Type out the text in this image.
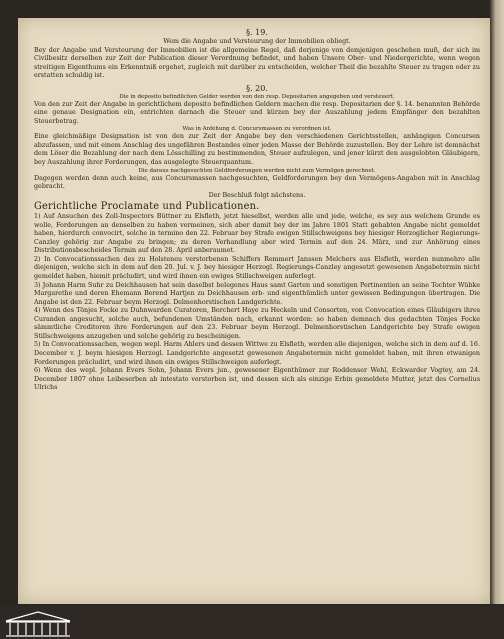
§. 19.

Wem die Angabe und Versteurung der Immobilien obliegt.

Bey der Angabe und Versteurung der Immobilien ist die allgemeine Regel, daß derjenige von demjenigen geschehen muß, der sich im Civilbesitz derselben zur Zeit der Publication dieser Verordnung befindet, und haben Unsere Ober- und Niedergerichte, wenn wegen streitigen Eigenthums ein Erkenntniß ergehet, zugleich mit darüber zu entscheiden, welcher Theil die bezahlte Steuer zu tragen oder zu erstatten schuldig ist.

§. 20.

Die in deposito befindlichen Gelder werden von den resp. Depositarien angegeben und versteuert.

Von den zur Zeit der Angabe in gerichtlichem deposito befindlichen Geldern machen die resp. Depositarien der §. 14. benannten Behörde eine genaue Designation ein, entrichten darnach die Steuer und kürzen bey der Auszahlung jedem Empfänger den bezahlten Steuerbetrag.

Was in Anfehung d. Concursmassen zu verordnen ist.

Eine gleichmäßige Designation ist von den zur Zeit der Angabe bey den verschiedenen Gerichtsstellen, anhängigen Concursen abzufassen, und mit einem Anschlag des ungefähren Bestandes einer jeden Masse der Behörde zuzustellen. Bey der Lehre ist demnächst dem Löser die Bezahlung der nach dem Lösschilling zu bestimmenden, Steuer aufzulegen, und jener kürzt den ausgelobten Gläubigern, bey Auszahlung ihrer Forderungen, das ausgelegte Steuerquantum.

Die daraus nachgesuchten Geldforderungen werden nicht zum Vermögen gerechnet.

Dagegen werden denn auch keine, aus Concursmassen nachgesuchten, Geldforderungen bey den Vermögens-Angaben mit in Anschlag gebracht.

Der Beschluß folgt nächstens.

Gerichtliche Proclamate und Publicationen.

1) Auf Ansuchen des Zoll-Inspectors Büttner zu Elsfleth, jetzt hieselbst, werden alle und jede, welche, es sey aus welchem Grunde es wolle, Forderungen an denselben zu haben vermeinen, sich aber damit bey der im Jahre 1801 Statt gehabten Angabe nicht gemeldet haben, hierdurch convocirt, solche in termino den 22. Februar bey Strafe ewigen Stillschweigens bey hiesiger Herzoglicher Regierungs-Canzley gehörig zur Angabe zu bringen; zu deren Verhandlung aber wird Termin auf den 24. März, und zur Anhörung eines Distributionsbescheides Termin auf den 28. April anberaumet.

2) In Convocationssachen des zu Holsteneu verstorbenen Schiffers Remmert Janssen Melchers aus Elsfleth, werden nunmehro alle diejenigen, welche sich in dem auf den 20. Jul. v. J. bey hiesiger Herzogl. Regierungs-Canzley angesetzt gewesenen Angabetermin nicht gemeldet haben, hiemit präcludirt, und wird ihnen ein ewiges Stillschweigen auferlegt.

3) Johann Harm Suhr zu Deichhausen hat sein daselbst belegenes Haus samt Garten und sonstigen Pertinentien an seine Tochter Wübke Margarethe und deren Ehemann Berend Hartjen zu Deichhausen erb- und eigenthümlich unter gewissen Bedingungen übertragen. Die Angabe ist den 22. Februar beym Herzogl. Delmenhorstischen Landgerichte.

4) Wenn des Tönjes Focke zu Duhnwarden Curatoren, Borchert Haye zu Heckeln und Consorten, von Convocation eines Gläubigers ihres Curanden angesucht, solche auch, befundenen Umständen nach, erkannt worden: so haben demnach des gedachten Tönjes Focke sämmtliche Creditoren ihre Forderungen auf den 23. Februar beym Herzogl. Delmenhorstischen Landgerichte bey Strafe ewigen Stillschweigens anzugeben und solche gehörig zu bescheinigen.

5) In Convocationssachen, wegen wepl. Harm Ahlers und dessen Wittwe zu Elsfleth, werden alle diejenigen, welche sich in dem auf d. 16. December v. J. beym hiesigen Herzogl. Landgerichte angesetzt gewesenen Angabetermin nicht gemeldet haben, mit ihren etwanigen Forderungen präcludirt, und wird ihnen ein ewiges Stillschweigen auferlegt.

6) Wenn des wepl. Johann Evers Sohn, Johann Evers jun., gewesener Eigenthümer zur Roddenser Wehl, Eckwarder Vogtey, am 24. December 1807 ohne Leibeserben ab intestato verstorben ist, und dessen sich als einzige Erbin gemeldete Mutter, jetzt des Cornelius Ulrichs
